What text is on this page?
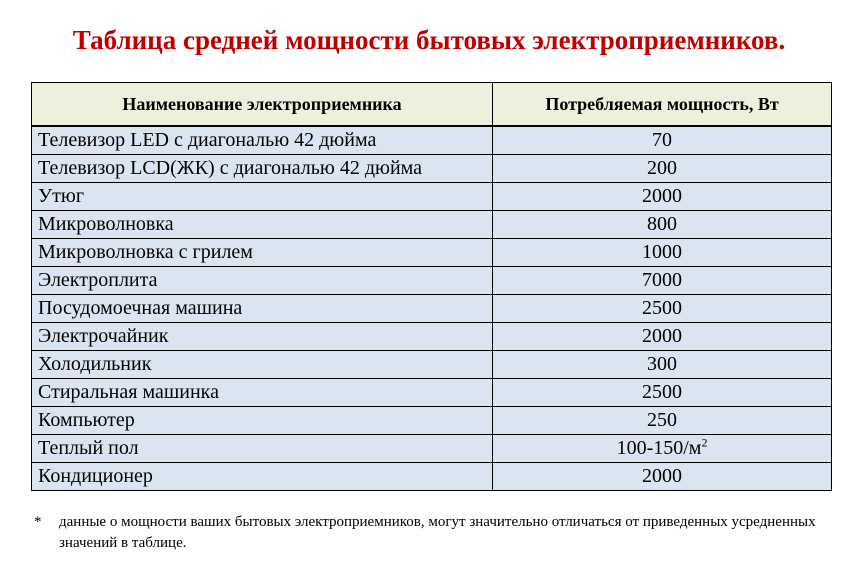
Таблица средней мощности бытовых электроприемников.
Наименование электроприемника	Потребляемая мощность, Вт
Телевизор LED с диагональю 42 дюйма	70
Телевизор LCD(ЖК) с диагональю 42 дюйма	200
Утюг	2000
Микроволновка	800
Микроволновка с грилем	1000
Электроплита	7000
Посудомоечная машина	2500
Электрочайник	2000
Холодильник	300
Стиральная машинка	2500
Компьютер	250
Теплый пол	$100-150/м^2$
Кондиционер	2000
* данные о мощности ваших бытовых электроприемников, могут значительно отличаться от приведенных усредненных значений в таблице.
